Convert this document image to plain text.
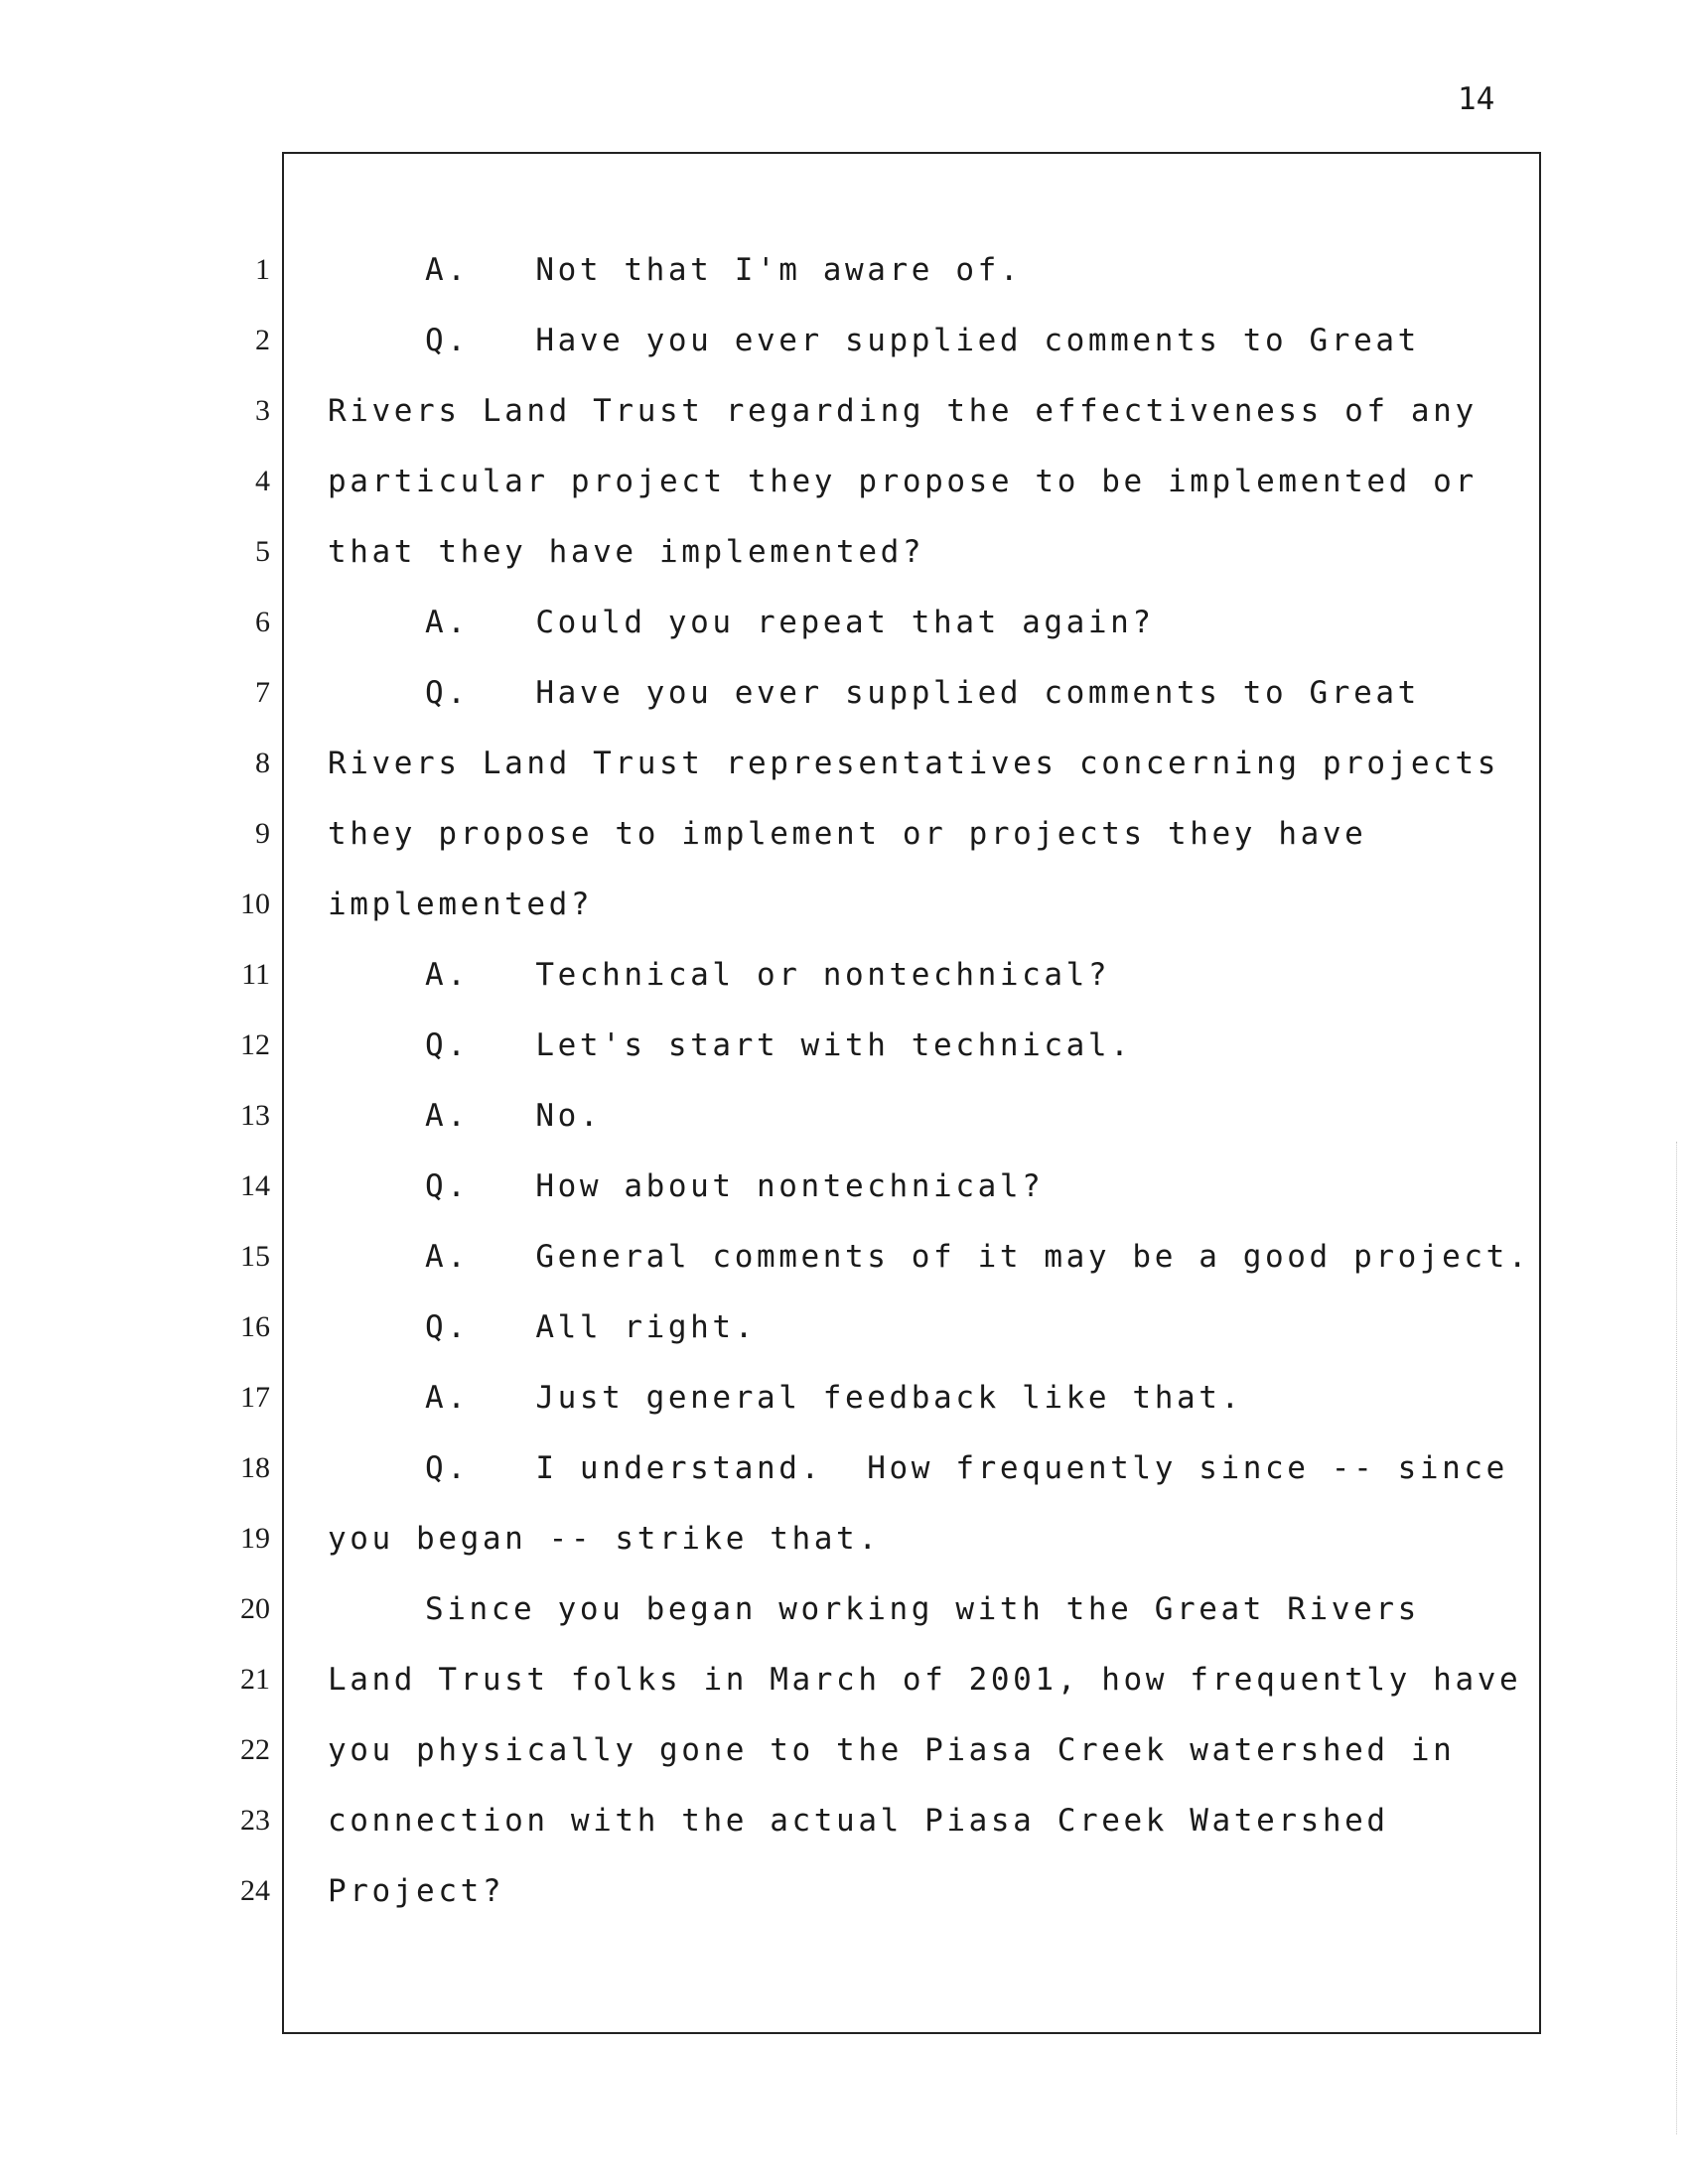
14
1	A.   Not that I'm aware of.
2	Q.   Have you ever supplied comments to Great
3 Rivers Land Trust regarding the effectiveness of any
4 particular project they propose to be implemented or
5 that they have implemented?
6	A.   Could you repeat that again?
7	Q.   Have you ever supplied comments to Great
8 Rivers Land Trust representatives concerning projects
9 they propose to implement or projects they have
10 implemented?
11	A.   Technical or nontechnical?
12	Q.   Let's start with technical.
13	A.   No.
14	Q.   How about nontechnical?
15	A.   General comments of it may be a good project.
16	Q.   All right.
17	A.   Just general feedback like that.
18	Q.   I understand.  How frequently since -- since
19 you began -- strike that.
20	Since you began working with the Great Rivers
21 Land Trust folks in March of 2001, how frequently have
22 you physically gone to the Piasa Creek watershed in
23 connection with the actual Piasa Creek Watershed
24 Project?
